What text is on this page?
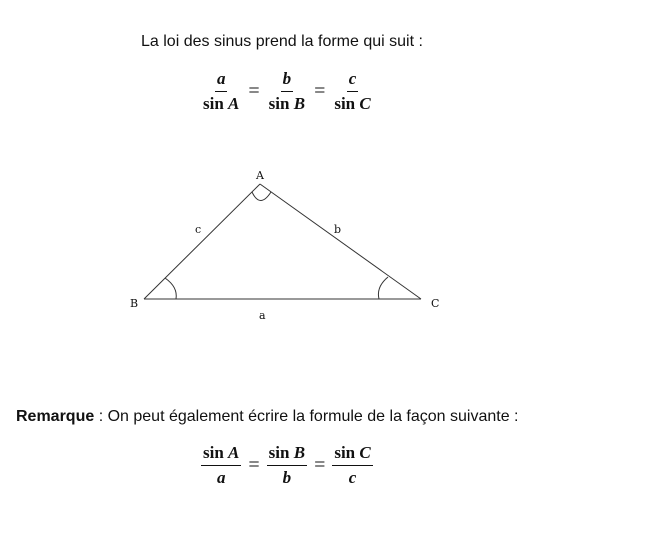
La loi des sinus prend la forme qui suit :
$\frac{a}{\text{sin A}} = \frac{b}{\text{sin B}} = \frac{c}{\text{sin C}}$
A
B	C
a
b
c
Remarque : On peut également écrire la formule de la façon suivante :
$\frac{\text{sin A}}{a} = \frac{\text{sin B}}{b} = \frac{\text{sin C}}{c}$
